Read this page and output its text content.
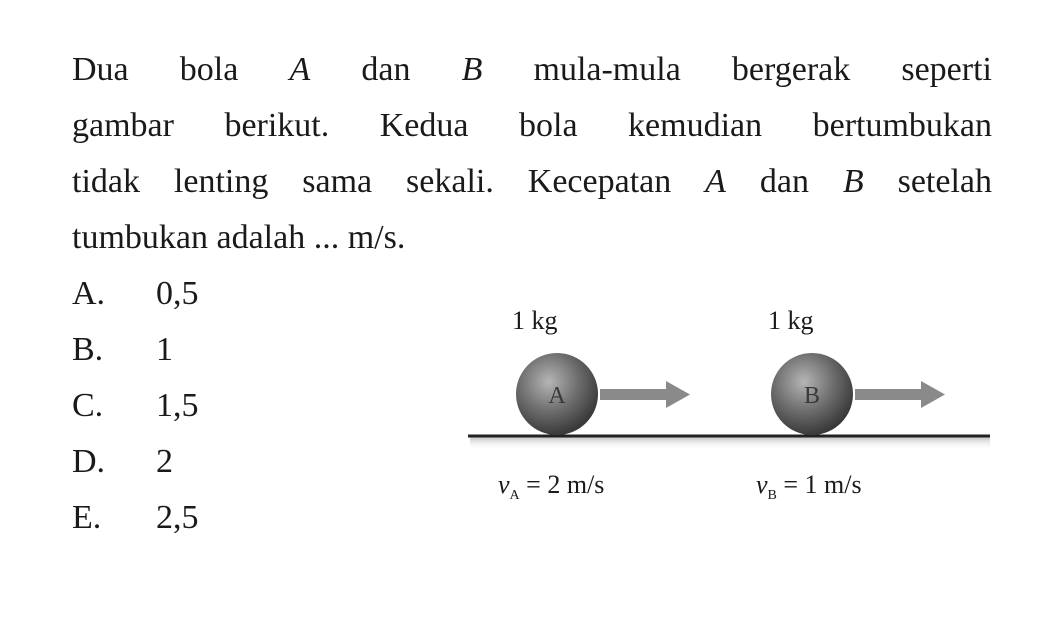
Dua bola A dan B mula-mula bergerak seperti
gambar berikut. Kedua bola kemudian bertumbukan
tidak lenting sama sekali. Kecepatan A dan B setelah
tumbukan adalah ... m/s.
A.	0,5
B.	1
C.	1,5
D.	2
E.	2,5
A	B
1 kg	1 kg
$v_A = 2$ m/s	$v_B = 1$ m/s
